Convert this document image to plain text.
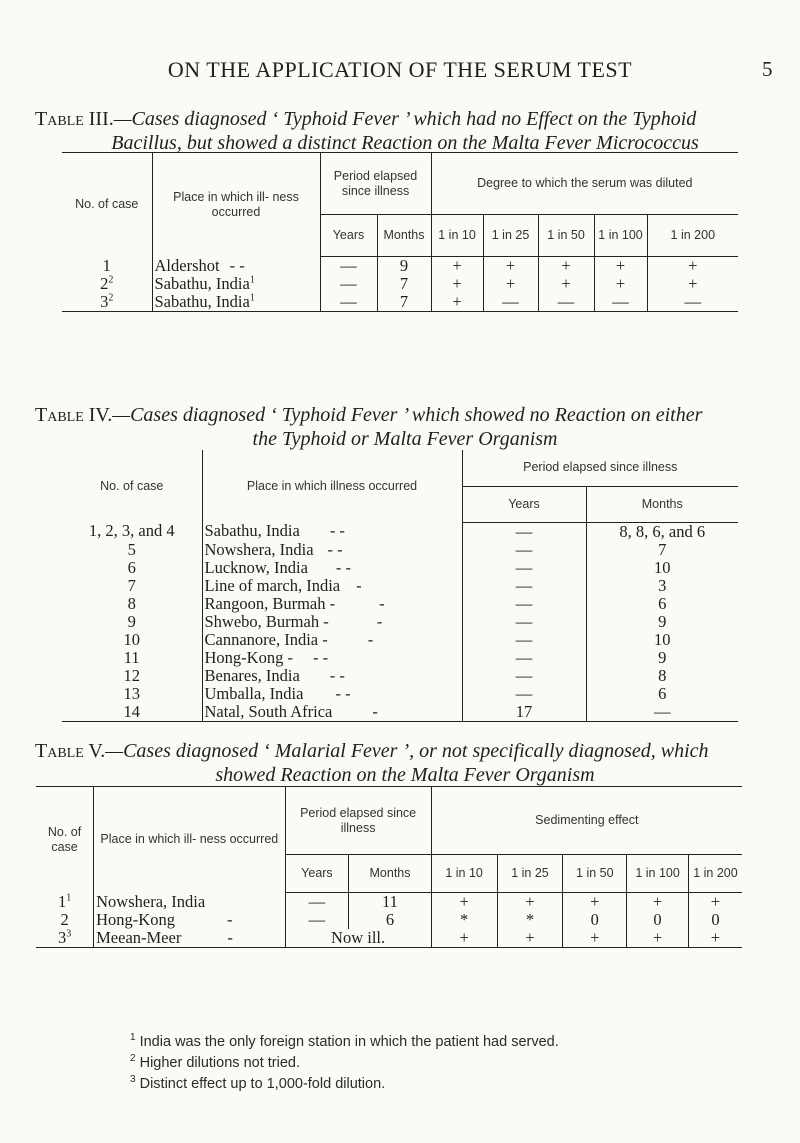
ON THE APPLICATION OF THE SERUM TEST	5
Table III.—Cases diagnosed ‘ Typhoid Fever ’ which had no Effect on the Typhoid
Bacillus, but showed a distinct Reaction on the Malta Fever Micrococcus
No. of case	Place in which ill- ness occurred	Period elapsed since illness		Degree to which the serum was diluted				
		Years	Months	1 in 10	1 in 25	1 in 50	1 in 100	1 in 200
1	Aldershot - -	—	9	+	+	+	+	+
$2^2$	Sabathu, India$^1$	—	7	+	+	+	+	+
$3^2$	Sabathu, India$^1$	—	7	+	—	—	—	—
Table IV.—Cases diagnosed ‘ Typhoid Fever ’ which showed no Reaction on either
the Typhoid or Malta Fever Organism
No. of case	Place in which illness occurred	Period elapsed since illness	
		Years	Months
1, 2, 3, and 4	Sabathu, India - -	—	8, 8, 6, and 6
5	Nowshera, India - -	—	7
6	Lucknow, India - -	—	10
7	Line of march, India -	—	3
8	Rangoon, Burmah - -	—	6
9	Shwebo, Burmah - -	—	9
10	Cannanore, India - -	—	10
11	Hong-Kong - - -	—	9
12	Benares, India - -	—	8
13	Umballa, India - -	—	6
14	Natal, South Africa -	17	—
Table V.—Cases diagnosed ‘ Malarial Fever ’, or not specifically diagnosed, which
showed Reaction on the Malta Fever Organism
No. of case	Place in which ill- ness occurred	Period elapsed since illness		Sedimenting effect				
		Years	Months	1 in 10	1 in 25	1 in 50	1 in 100	1 in 200
$1^1$	Nowshera, India	—	11	+	+	+	+	+
2	Hong-Kong -	—	6	*	*	0	0	0
$3^3$	Meean-Meer -	Now ill.		+	+	+	+	+
$^1$ India was the only foreign station in which the patient had served.
$^2$ Higher dilutions not tried.
$^3$ Distinct effect up to 1,000-fold dilution.
